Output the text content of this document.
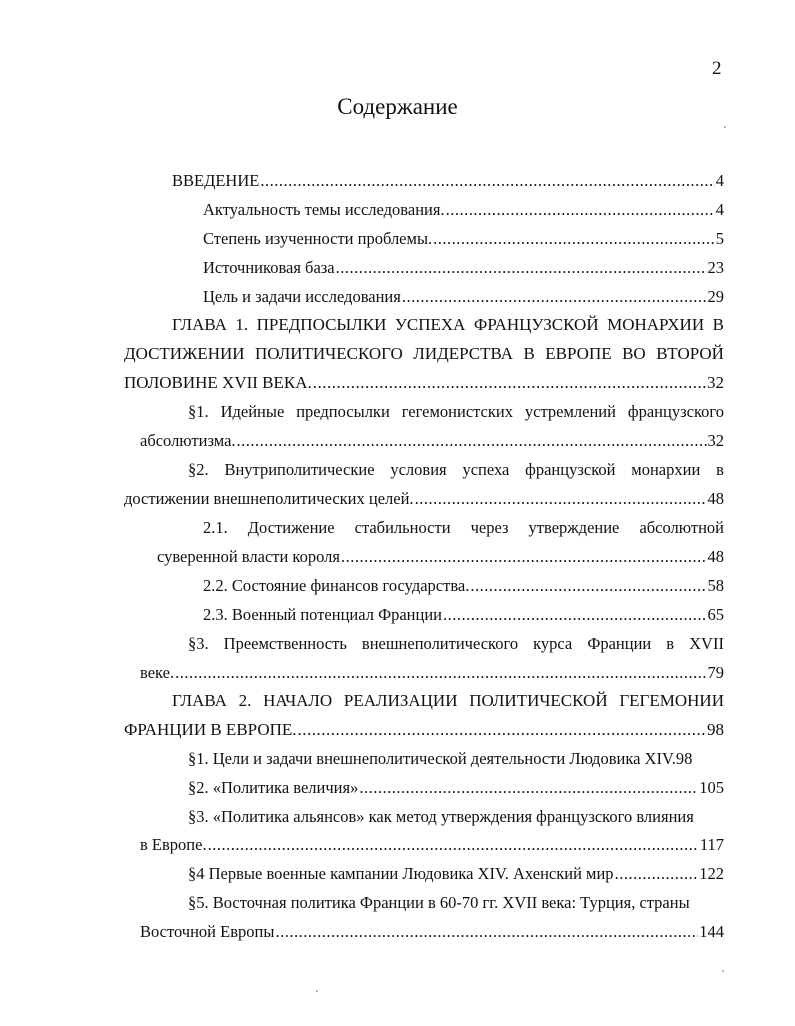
2
Содержание
ВВЕДЕНИЕ .....	4
Актуальность темы исследования. .....	4
Степень изученности проблемы. .....	5
Источниковая база .....	23
Цель и задачи исследования .....	29
ГЛАВА 1. ПРЕДПОСЫЛКИ УСПЕХА ФРАНЦУЗСКОЙ МОНАРХИИ В
ДОСТИЖЕНИИ ПОЛИТИЧЕСКОГО ЛИДЕРСТВА В ЕВРОПЕ ВО ВТОРОЙ
ПОЛОВИНЕ XVII ВЕКА. .....	32
§1. Идейные предпосылки гегемонистских устремлений французского
абсолютизма. .....	32
§2. Внутриполитические условия успеха французской монархии в
достижении внешнеполитических целей. .....	48
2.1. Достижение стабильности через утверждение абсолютной
суверенной власти короля .....	48
2.2. Состояние финансов государства. .....	58
2.3. Военный потенциал Франции .....	65
§3. Преемственность внешнеполитического курса Франции в XVII
веке. .....	79
ГЛАВА 2. НАЧАЛО РЕАЛИЗАЦИИ ПОЛИТИЧЕСКОЙ ГЕГЕМОНИИ
ФРАНЦИИ В ЕВРОПЕ. .....	98
§1. Цели и задачи внешнеполитической деятельности Людовика XIV. 98
§2. «Политика величия» .....	105
§3. «Политика альянсов» как метод утверждения французского влияния
в Европе. .....	117
§4 Первые военные кампании Людовика XIV. Ахенский мир .....	122
§5. Восточная политика Франции в 60-70 гг. XVII века: Турция, страны
Восточной Европы .....	144
